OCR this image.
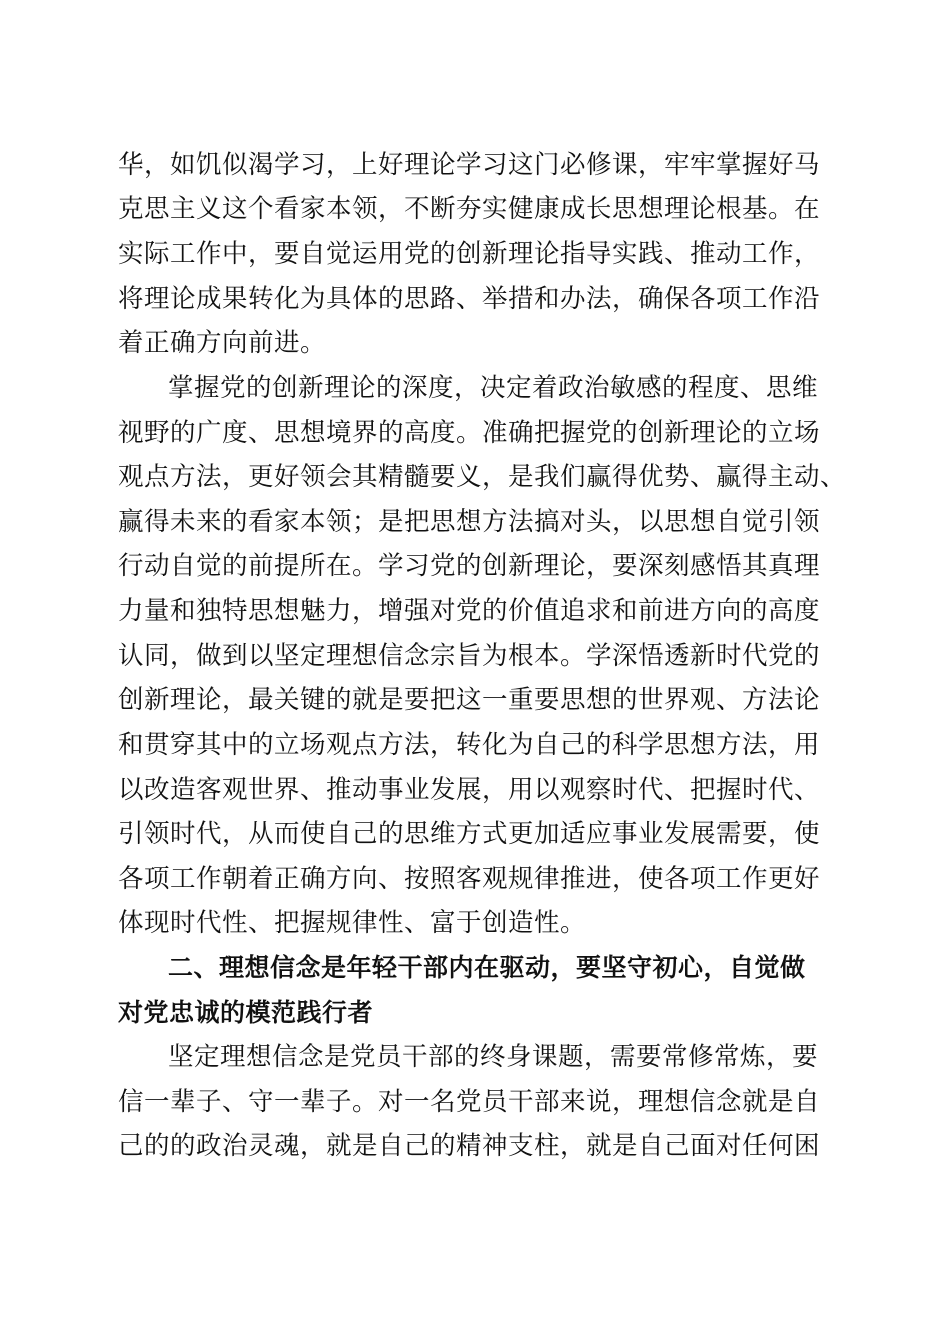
华，如饥似渴学习，上好理论学习这门必修课，牢牢掌握好马
克思主义这个看家本领，不断夯实健康成长思想理论根基。在
实际工作中，要自觉运用党的创新理论指导实践、推动工作，
将理论成果转化为具体的思路、举措和办法，确保各项工作沿
着正确方向前进。
掌握党的创新理论的深度，决定着政治敏感的程度、思维
视野的广度、思想境界的高度。准确把握党的创新理论的立场
观点方法，更好领会其精髓要义，是我们赢得优势、赢得主动、
赢得未来的看家本领；是把思想方法搞对头，以思想自觉引领
行动自觉的前提所在。学习党的创新理论，要深刻感悟其真理
力量和独特思想魅力，增强对党的价值追求和前进方向的高度
认同，做到以坚定理想信念宗旨为根本。学深悟透新时代党的
创新理论，最关键的就是要把这一重要思想的世界观、方法论
和贯穿其中的立场观点方法，转化为自己的科学思想方法，用
以改造客观世界、推动事业发展，用以观察时代、把握时代、
引领时代，从而使自己的思维方式更加适应事业发展需要，使
各项工作朝着正确方向、按照客观规律推进，使各项工作更好
体现时代性、把握规律性、富于创造性。
二、理想信念是年轻干部内在驱动，要坚守初心，自觉做
对党忠诚的模范践行者
坚定理想信念是党员干部的终身课题，需要常修常炼，要
信一辈子、守一辈子。对一名党员干部来说，理想信念就是自
己的的政治灵魂，就是自己的精神支柱，就是自己面对任何困
